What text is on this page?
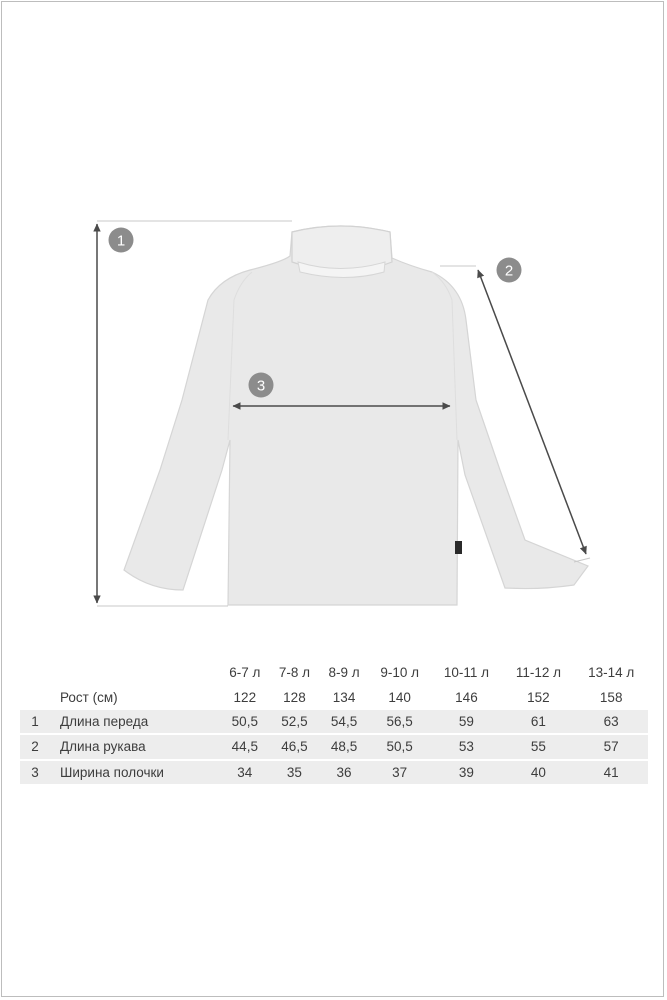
1
2
3
		6-7 л	7-8 л	8-9 л	9-10 л	10-11 л	11-12 л	13-14 л
	Рост (см)	122	128	134	140	146	152	158
1	Длина переда	50,5	52,5	54,5	56,5	59	61	63
2	Длина рукава	44,5	46,5	48,5	50,5	53	55	57
3	Ширина полочки	34	35	36	37	39	40	41
